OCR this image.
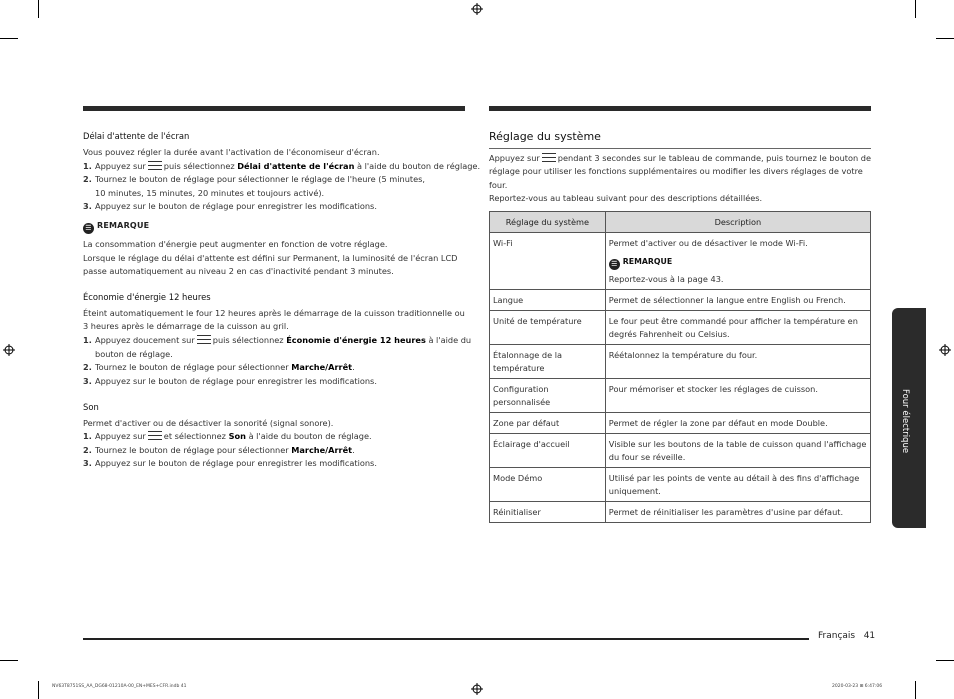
Délai d'attente de l'écran
Vous pouvez régler la durée avant l'activation de l'économiseur d'écran.
1. Appuyez sur puis sélectionnez Délai d'attente de l'écran à l'aide du bouton de réglage.
2. Tournez le bouton de réglage pour sélectionner le réglage de l'heure (5 minutes,
10 minutes, 15 minutes, 20 minutes et toujours activé).
3. Appuyez sur le bouton de réglage pour enregistrer les modifications.
☰ REMARQUE
La consommation d'énergie peut augmenter en fonction de votre réglage.
Lorsque le réglage du délai d'attente est défini sur Permanent, la luminosité de l'écran LCD
passe automatiquement au niveau 2 en cas d'inactivité pendant 3 minutes.
Économie d'énergie 12 heures
Éteint automatiquement le four 12 heures après le démarrage de la cuisson traditionnelle ou
3 heures après le démarrage de la cuisson au gril.
1. Appuyez doucement sur puis sélectionnez Économie d'énergie 12 heures à l'aide du
bouton de réglage.
2. Tournez le bouton de réglage pour sélectionner Marche/Arrêt.
3. Appuyez sur le bouton de réglage pour enregistrer les modifications.
Son
Permet d'activer ou de désactiver la sonorité (signal sonore).
1. Appuyez sur et sélectionnez Son à l'aide du bouton de réglage.
2. Tournez le bouton de réglage pour sélectionner Marche/Arrêt.
3. Appuyez sur le bouton de réglage pour enregistrer les modifications.
Réglage du système
Appuyez sur pendant 3 secondes sur le tableau de commande, puis tournez le bouton de
réglage pour utiliser les fonctions supplémentaires ou modifier les divers réglages de votre
four.
Reportez-vous au tableau suivant pour des descriptions détaillées.
Réglage du système	Description
Wi-Fi	Permet d'activer ou de désactiver le mode Wi-Fi.
☰ REMARQUE
Reportez-vous à la page 43.

Langue	Permet de sélectionner la langue entre English ou French.
Unité de température	Le four peut être commandé pour afficher la température en degrés Fahrenheit ou Celsius.
Étalonnage de la température	Réétalonnez la température du four.
Configuration personnalisée	Pour mémoriser et stocker les réglages de cuisson.
Zone par défaut	Permet de régler la zone par défaut en mode Double.
Éclairage d'accueil	Visible sur les boutons de la table de cuisson quand l'affichage du four se réveille.
Mode Démo	Utilisé par les points de vente au détail à des fins d'affichage uniquement.
Réinitialiser	Permet de réinitialiser les paramètres d'usine par défaut.
Four électrique
Français 41
NV63T8751SS_AA_DG68-01210A-00_EN+MES+CFR.indb 41	2020-03-23 ⊞ 6:47:06
